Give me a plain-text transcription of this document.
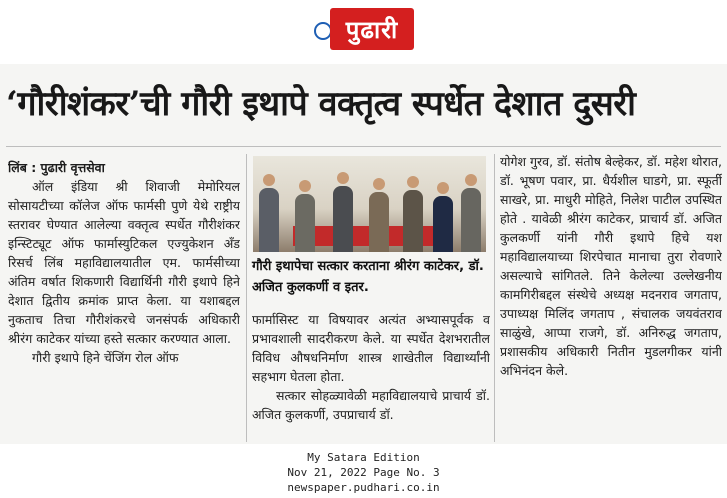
पुढारी
‘गौरीशंकर’ची गौरी इथापे वक्तृत्व स्पर्धेत देशात दुसरी
लिंब : पुढारी वृत्तसेवा
ऑल इंडिया श्री शिवाजी मेमोरियल सोसायटीच्या कॉलेज ऑफ फार्मसी पुणे येथे राष्ट्रीय स्तरावर घेण्यात आलेल्या वक्तृत्व स्पर्धेत गौरीशंकर इन्स्टिट्यूट ऑफ फार्मास्युटिकल एज्युकेशन अँड रिसर्च लिंब महाविद्यालयातील एम. फार्मसीच्या अंतिम वर्षात शिकणारी विद्यार्थिनी गौरी इथापे हिने देशात द्वितीय क्रमांक प्राप्त केला. या यशाबद्दल नुकताच तिचा गौरीशंकरचे जनसंपर्क अधिकारी श्रीरंग काटेकर यांच्या हस्ते सत्कार करण्यात आला.
गौरी इथापे हिने चेंजिंग रोल ऑफ
गौरी इथापेचा सत्कार करताना श्रीरंग काटेकर, डॉ. अजित कुलकर्णी व इतर.
फार्मासिस्ट या विषयावर अत्यंत अभ्यासपूर्वक व प्रभावशाली सादरीकरण केले. या स्पर्धेत देशभरातील विविध औषधनिर्माण शास्त्र शाखेतील विद्यार्थ्यांनी सहभाग घेतला होता.
सत्कार सोहळ्यावेळी महाविद्यालयाचे प्राचार्य डॉ. अजित कुलकर्णी, उपप्राचार्य डॉ.
योगेश गुरव, डॉ. संतोष बेल्हेकर, डॉ. महेश थोरात, डॉ. भूषण पवार, प्रा. धैर्यशील घाडगे, प्रा. स्फूर्ती साखरे, प्रा. माधुरी मोहिते, निलेश पाटील उपस्थित होते . यावेळी श्रीरंग काटेकर, प्राचार्य डॉ. अजित कुलकर्णी यांनी गौरी इथापे हिचे यश महाविद्यालयाच्या शिरपेचात मानाचा तुरा रोवणारे असल्याचे सांगितले. तिने केलेल्या उल्लेखनीय कामगिरीबद्दल संस्थेचे अध्यक्ष मदनराव जगताप, उपाध्यक्ष मिलिंद जगताप , संचालक जयवंतराव साळुंखे, आप्पा राजगे, डॉ. अनिरुद्ध जगताप, प्रशासकीय अधिकारी नितीन मुडलगीकर यांनी अभिनंदन केले.
My Satara Edition
Nov 21, 2022 Page No. 3
newspaper.pudhari.co.in
